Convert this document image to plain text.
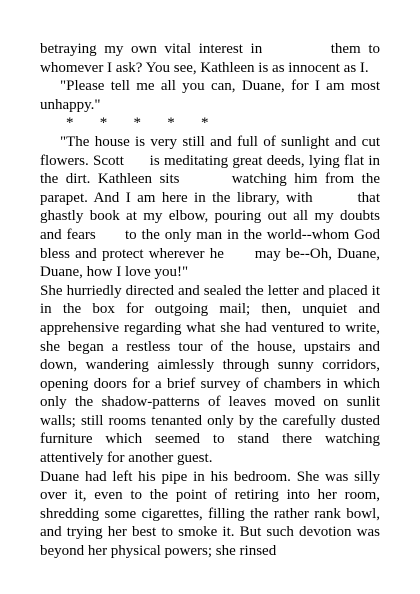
betraying my own vital interest in         them to whomever I ask? You see, Kathleen is as innocent as I.

"Please tell me all you can, Duane, for I am most unhappy."

*       *       *       *       *

"The house is very still and full of sunlight and cut flowers. Scott      is meditating great deeds, lying flat in the dirt. Kathleen sits       watching him from the parapet. And I am here in the library, with       that ghastly book at my elbow, pouring out all my doubts and fears      to the only man in the world--whom God bless and protect wherever he      may be--Oh, Duane, Duane, how I love you!"

She hurriedly directed and sealed the letter and placed it in the box for outgoing mail; then, unquiet and apprehensive regarding what she had ventured to write, she began a restless tour of the house, upstairs and down, wandering aimlessly through sunny corridors, opening doors for a brief survey of chambers in which only the shadow-patterns of leaves moved on sunlit walls; still rooms tenanted only by the carefully dusted furniture which seemed to stand there watching attentively for another guest.

Duane had left his pipe in his bedroom. She was silly over it, even to the point of retiring into her room, shredding some cigarettes, filling the rather rank bowl, and trying her best to smoke it. But such devotion was beyond her physical powers; she rinsed
